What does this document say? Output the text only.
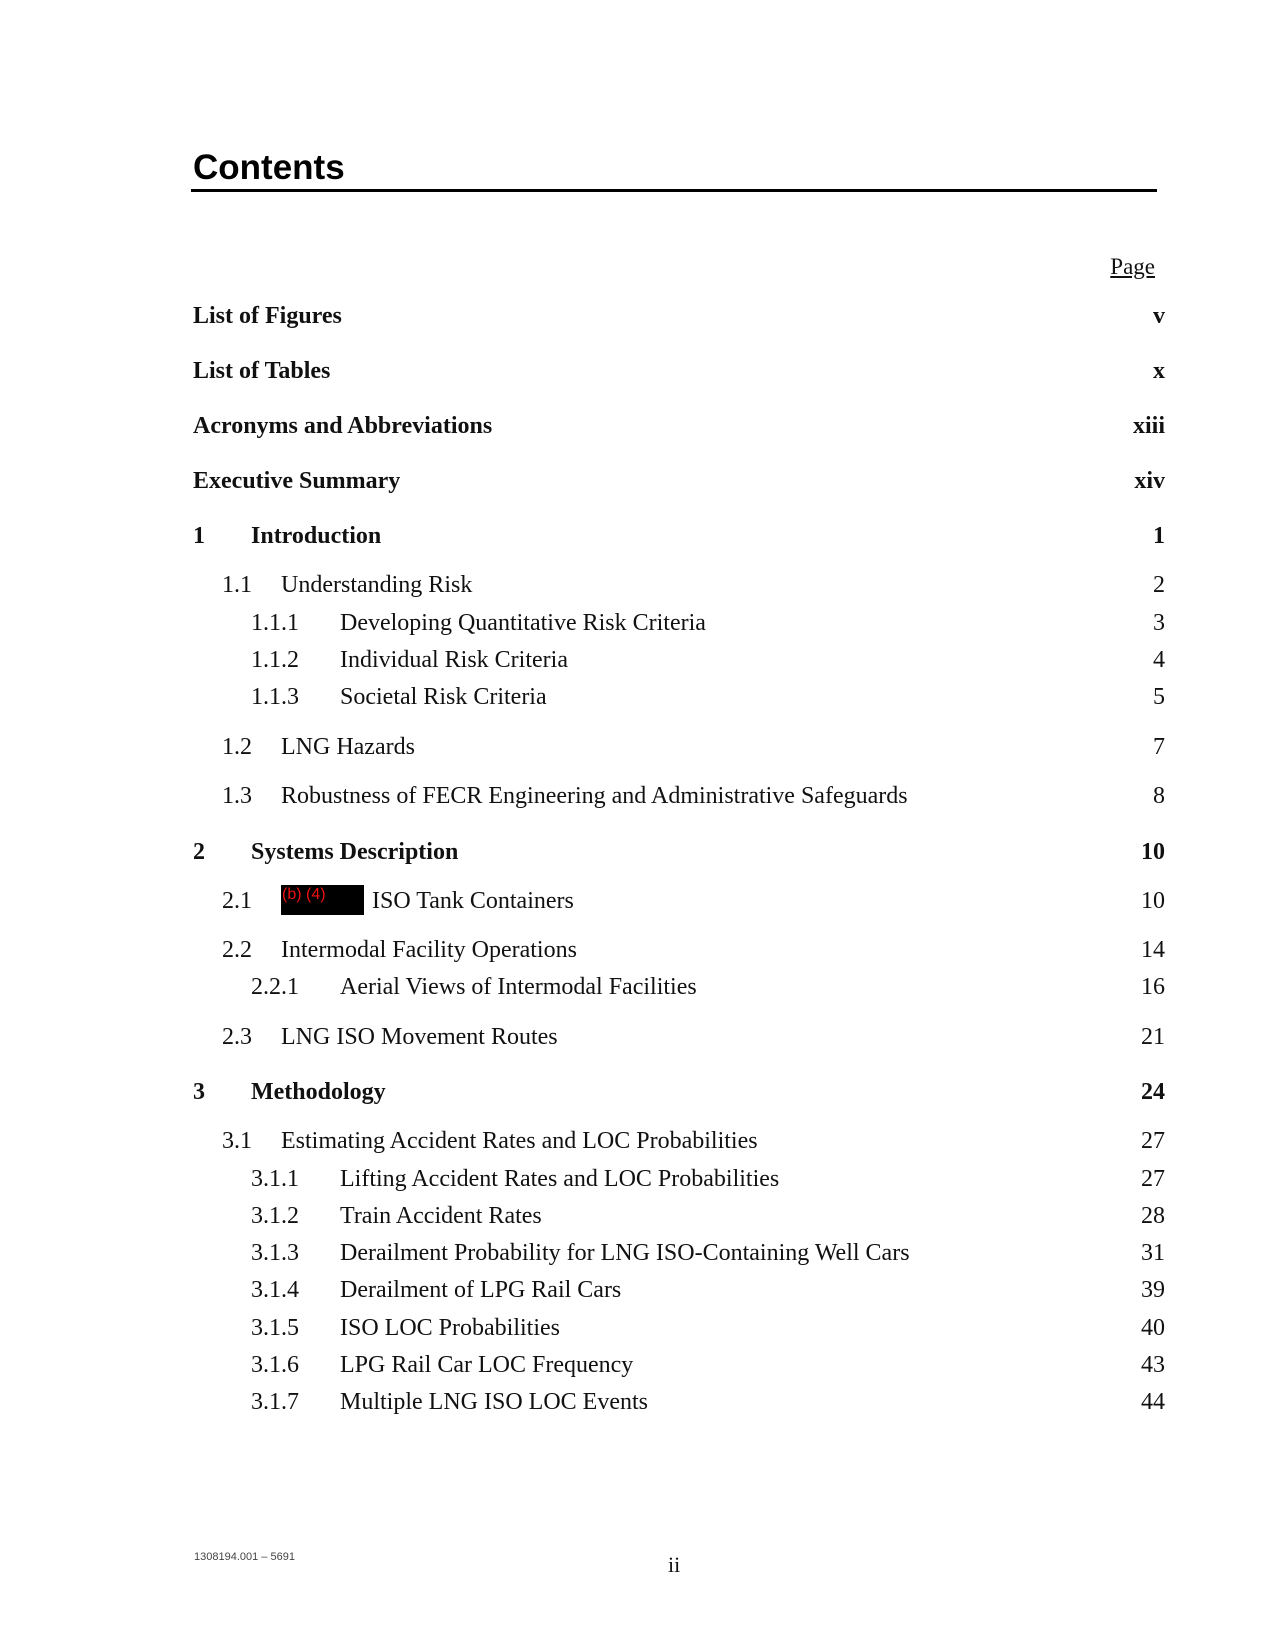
Contents
Page
List of Figures	v
List of Tables	x
Acronyms and Abbreviations	xiii
Executive Summary	xiv
1 Introduction	1
1.1 Understanding Risk	2
1.1.1 Developing Quantitative Risk Criteria	3
1.1.2 Individual Risk Criteria	4
1.1.3 Societal Risk Criteria	5
1.2 LNG Hazards	7
1.3 Robustness of FECR Engineering and Administrative Safeguards	8
2 Systems Description	10
2.1 (b) (4) ISO Tank Containers	10
2.2 Intermodal Facility Operations	14
2.2.1 Aerial Views of Intermodal Facilities	16
2.3 LNG ISO Movement Routes	21
3 Methodology	24
3.1 Estimating Accident Rates and LOC Probabilities	27
3.1.1 Lifting Accident Rates and LOC Probabilities	27
3.1.2 Train Accident Rates	28
3.1.3 Derailment Probability for LNG ISO-Containing Well Cars	31
3.1.4 Derailment of LPG Rail Cars	39
3.1.5 ISO LOC Probabilities	40
3.1.6 LPG Rail Car LOC Frequency	43
3.1.7 Multiple LNG ISO LOC Events	44
1308194.001 – 5691	ii
